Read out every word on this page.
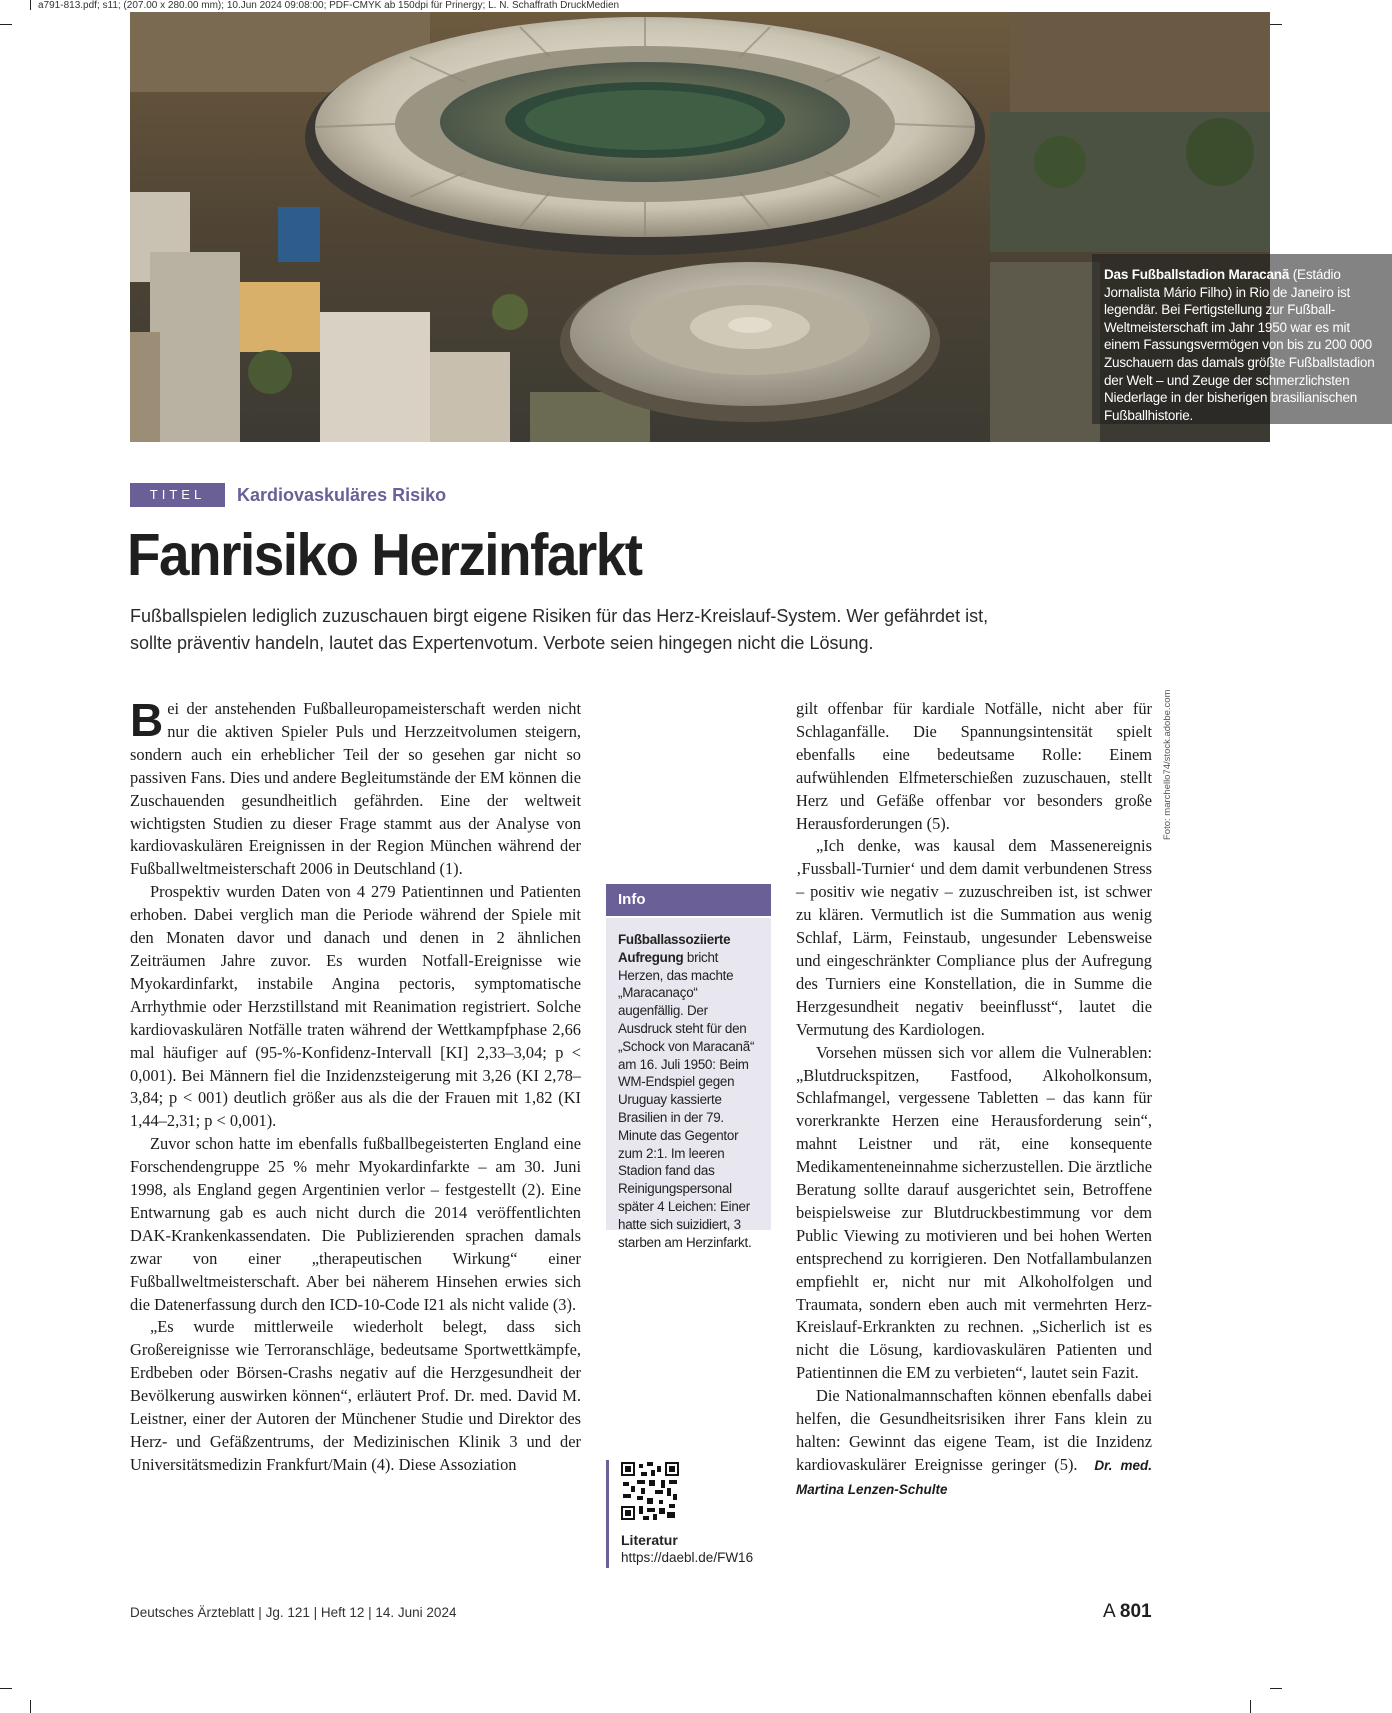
a791-813.pdf; s11; (207.00 x 280.00 mm); 10.Jun 2024 09:08:00; PDF-CMYK ab 150dpi für Prinergy; L. N. Schaffrath DruckMedien
Das Fußballstadion Maracanã (Estádio Jornalista Mário Filho) in Rio de Janeiro ist legendär. Bei Fertigstellung zur Fußball-Weltmeisterschaft im Jahr 1950 war es mit einem Fassungsvermögen von bis zu 200 000 Zuschauern das damals größte Fußballstadion der Welt – und Zeuge der schmerzlichsten Niederlage in der bisherigen brasilianischen Fußballhistorie.
TITEL	Kardiovaskuläres Risiko
Fanrisiko Herzinfarkt
Fußballspielen lediglich zuzuschauen birgt eigene Risiken für das Herz-Kreislauf-System. Wer gefährdet ist,
sollte präventiv handeln, lautet das Expertenvotum. Verbote seien hingegen nicht die Lösung.

Bei der anstehenden Fußballeuropameisterschaft werden nicht nur die aktiven Spieler Puls und Herzzeitvolumen steigern, sondern auch ein erheblicher Teil der so gesehen gar nicht so passiven Fans. Dies und andere Begleitumstände der EM können die Zuschauenden gesundheitlich gefährden. Eine der weltweit wichtigsten Studien zu dieser Frage stammt aus der Analyse von kardiovaskulären Ereignissen in der Region München während der Fußballweltmeisterschaft 2006 in Deutschland (1).

Prospektiv wurden Daten von 4 279 Patientinnen und Patienten erhoben. Dabei verglich man die Periode während der Spiele mit den Monaten davor und danach und denen in 2 ähnlichen Zeiträumen Jahre zuvor. Es wurden Notfall-Ereignisse wie Myokardinfarkt, instabile Angina pectoris, symptomatische Arrhythmie oder Herzstillstand mit Reanimation registriert. Solche kardiovaskulären Notfälle traten während der Wettkampfphase 2,66 mal häufiger auf (95-%-Konfidenz-Intervall [KI] 2,33–3,04; p < 0,001). Bei Männern fiel die Inzidenzsteigerung mit 3,26 (KI 2,78–3,84; p < 001) deutlich größer aus als die der Frauen mit 1,82 (KI 1,44–2,31; p < 0,001).

Zuvor schon hatte im ebenfalls fußballbegeisterten England eine Forschendengruppe 25 % mehr Myokardinfarkte – am 30. Juni 1998, als England gegen Argentinien verlor – festgestellt (2). Eine Entwarnung gab es auch nicht durch die 2014 veröffentlichten DAK-Krankenkassendaten. Die Publizierenden sprachen damals zwar von einer „therapeutischen Wirkung“ einer Fußballweltmeisterschaft. Aber bei näherem Hinsehen erwies sich die Datenerfassung durch den ICD-10-Code I21 als nicht valide (3).

„Es wurde mittlerweile wiederholt belegt, dass sich Großereignisse wie Terroranschläge, bedeutsame Sportwettkämpfe, Erdbeben oder Börsen-Crashs negativ auf die Herzgesundheit der Bevölkerung auswirken können“, erläutert Prof. Dr. med. David M. Leistner, einer der Autoren der Münchener Studie und Direktor des Herz- und Gefäßzentrums, der Medizinischen Klinik 3 und der Universitätsmedizin Frankfurt/Main (4). Diese Assoziation

Info
Fußballassoziierte Aufregung bricht Herzen, das machte „Maracanaço“ augenfällig. Der Ausdruck steht für den „Schock von Maracanã“ am 16. Juli 1950: Beim WM-Endspiel gegen Uruguay kassierte Brasilien in der 79. Minute das Gegentor zum 2:1. Im leeren Stadion fand das Reinigungspersonal später 4 Leichen: Einer hatte sich suizidiert, 3 starben am Herzinfarkt.
Literatur
https://daebl.de/FW16

gilt offenbar für kardiale Notfälle, nicht aber für Schlaganfälle. Die Spannungsintensität spielt ebenfalls eine bedeutsame Rolle: Einem aufwühlenden Elfmeterschießen zuzuschauen, stellt Herz und Gefäße offenbar vor besonders große Herausforderungen (5).

„Ich denke, was kausal dem Massenereignis ‚Fussball-Turnier‘ und dem damit verbundenen Stress – positiv wie negativ – zuzuschreiben ist, ist schwer zu klären. Vermutlich ist die Summation aus wenig Schlaf, Lärm, Feinstaub, ungesunder Lebensweise und eingeschränkter Compliance plus der Aufregung des Turniers eine Konstellation, die in Summe die Herzgesundheit negativ beeinflusst“, lautet die Vermutung des Kardiologen.

Vorsehen müssen sich vor allem die Vulnerablen: „Blutdruckspitzen, Fastfood, Alkoholkonsum, Schlafmangel, vergessene Tabletten – das kann für vorerkrankte Herzen eine Herausforderung sein“, mahnt Leistner und rät, eine konsequente Medikamenteneinnahme sicherzustellen. Die ärztliche Beratung sollte darauf ausgerichtet sein, Betroffene beispielsweise zur Blutdruckbestimmung vor dem Public Viewing zu motivieren und bei hohen Werten entsprechend zu korrigieren. Den Notfallambulanzen empfiehlt er, nicht nur mit Alkoholfolgen und Traumata, sondern eben auch mit vermehrten Herz-Kreislauf-Erkrankten zu rechnen. „Sicherlich ist es nicht die Lösung, kardiovaskulären Patienten und Patientinnen die EM zu verbieten“, lautet sein Fazit.

Die Nationalmannschaften können ebenfalls dabei helfen, die Gesundheitsrisiken ihrer Fans klein zu halten: Gewinnt das eigene Team, ist die Inzidenz kardiovaskulärer Ereignisse geringer (5). Dr. med. Martina Lenzen-Schulte

Foto: marchello74/stock.adobe.com
Deutsches Ärzteblatt | Jg. 121 | Heft 12 | 14. Juni 2024	A 801
